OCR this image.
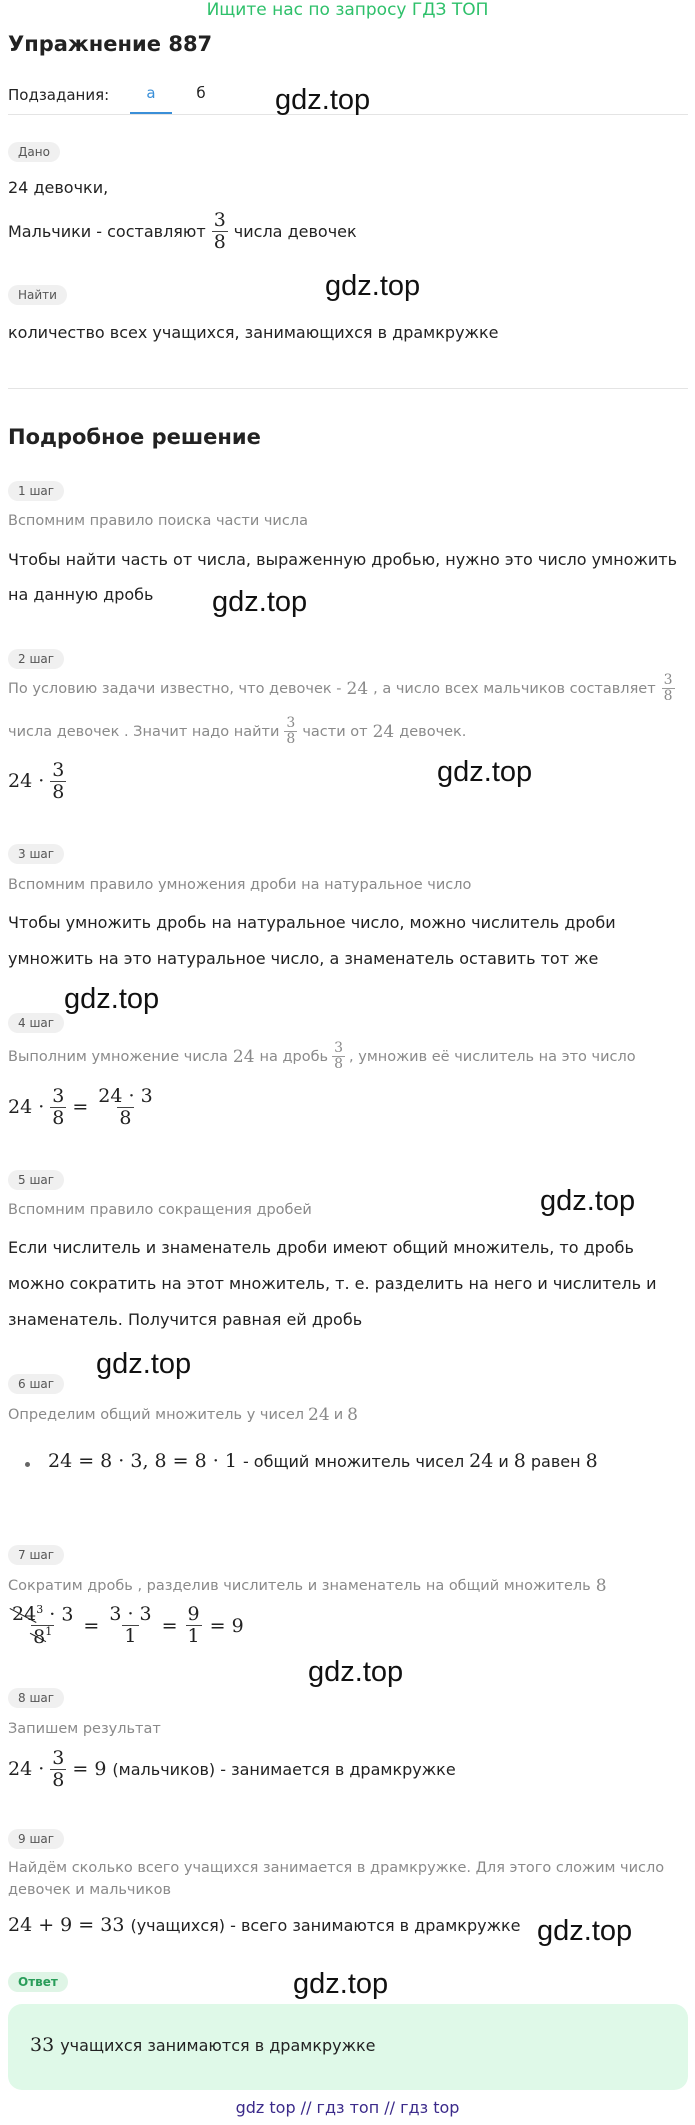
Ищите нас по запросу ГДЗ ТОП
Упражнение 887
Подзадания:	а	б
Дано
24 девочки,
Мальчики - составляют $\frac{3}{8}$ числа девочек
Найти
количество всех учащихся, занимающихся в драмкружке
Подробное решение
1 шаг
Вспомним правило поиска части числа
Чтобы найти часть от числа, выраженную дробью, нужно это число умножить
на данную дробь
2 шаг
По условию задачи известно, что девочек - 24 , а число всех мальчиков составляет $\frac{3}{8}$
числа девочек . Значит надо найти $\frac{3}{8}$ части от 24 девочек.
$24 \cdot \frac{3}{8}$
3 шаг
Вспомним правило умножения дроби на натуральное число
Чтобы умножить дробь на натуральное число, можно числитель дроби
умножить на это натуральное число, а знаменатель оставить тот же
4 шаг
Выполним умножение числа 24 на дробь $\frac{3}{8}$ , умножив её числитель на это число
$24 \cdot \frac{3}{8} = \frac{24 \cdot 3}{8}$
5 шаг
Вспомним правило сокращения дробей
Если числитель и знаменатель дроби имеют общий множитель, то дробь
можно сократить на этот множитель, т. е. разделить на него и числитель и
знаменатель. Получится равная ей дробь
6 шаг
Определим общий множитель у чисел 24 и 8
24 = 8 · 3, 8 = 8 · 1 - общий множитель чисел 24 и 8 равен 8
7 шаг
Сократим дробь , разделив числитель и знаменатель на общий множитель 8
$\frac{24^3 \cdot 3}{8^1} = \frac{3 \cdot 3}{1} = \frac{9}{1} = 9$
8 шаг
Запишем результат
$24 \cdot \frac{3}{8} = 9$ (мальчиков) - занимается в драмкружке
9 шаг
Найдём сколько всего учащихся занимается в драмкружке. Для этого сложим число
девочек и мальчиков
24 + 9 = 33 (учащихся) - всего занимаются в драмкружке
Ответ
33 учащихся занимаются в драмкружке
gdz.top
gdz.top
gdz.top
gdz.top
gdz.top
gdz.top
gdz.top
gdz.top
gdz.top
gdz.top
gdz top // гдз топ // гдз top
